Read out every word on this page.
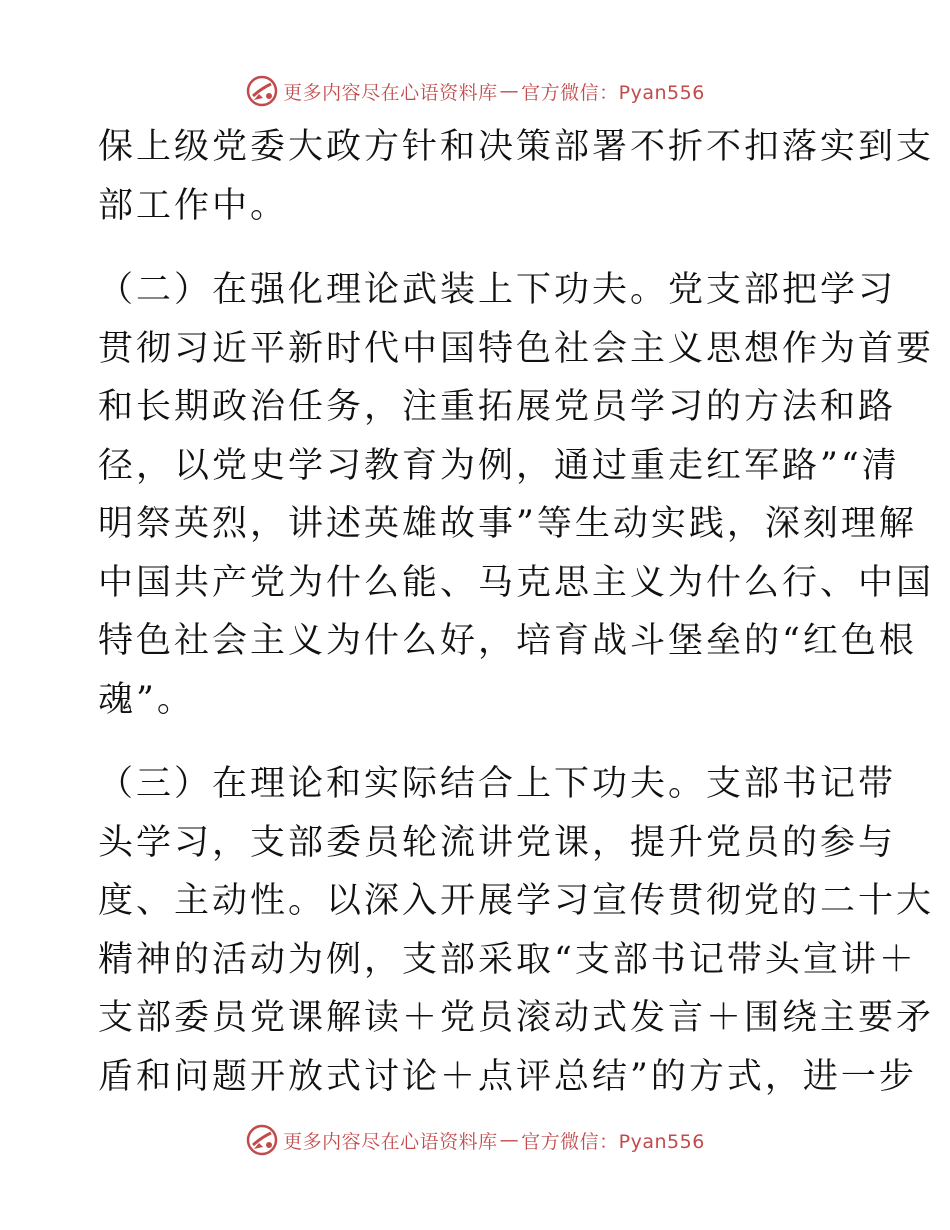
更多内容尽在心语资料库 — 官方微信：Pyan556
保上级党委大政方针和决策部署不折不扣落实到支
部工作中。
（二）在强化理论武装上下功夫。党支部把学习
贯彻习近平新时代中国特色社会主义思想作为首要
和长期政治任务，注重拓展党员学习的方法和路
径，以党史学习教育为例，通过重走红军路”“清
明祭英烈，讲述英雄故事”等生动实践，深刻理解
中国共产党为什么能、马克思主义为什么行、中国
特色社会主义为什么好，培育战斗堡垒的“红色根
魂”。
（三）在理论和实际结合上下功夫。支部书记带
头学习，支部委员轮流讲党课，提升党员的参与
度、主动性。以深入开展学习宣传贯彻党的二十大
精神的活动为例，支部采取“支部书记带头宣讲＋
支部委员党课解读＋党员滚动式发言＋围绕主要矛
盾和问题开放式讨论＋点评总结”的方式，进一步
更多内容尽在心语资料库 — 官方微信：Pyan556
